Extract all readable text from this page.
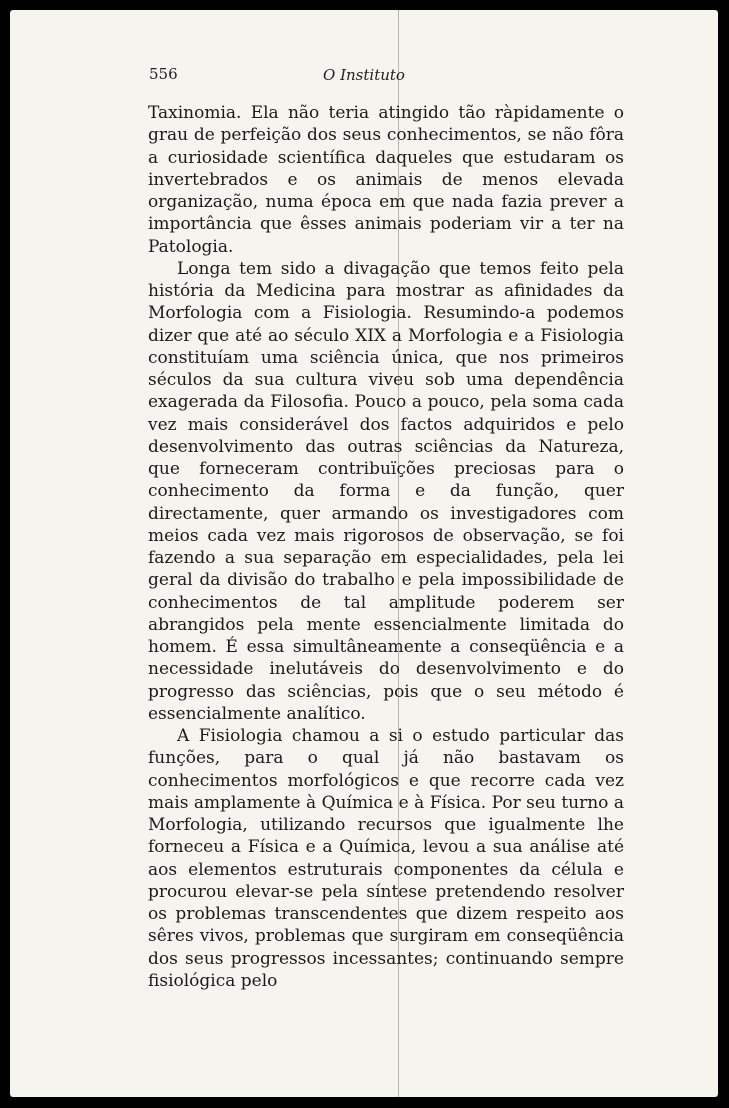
556	O Instituto

Taxinomia. Ela não teria atingido tão ràpidamente o grau de perfeição dos seus conhecimentos, se não fôra a curiosidade scientífica daqueles que estudaram os invertebrados e os animais de menos elevada organização, numa época em que nada fazia prever a importância que êsses animais poderiam vir a ter na Patologia.

Longa tem sido a divagação que temos feito pela história da Medicina para mostrar as afinidades da Morfologia com a Fisiologia. Resumindo-a podemos dizer que até ao século XIX a Morfologia e a Fisiologia constituíam uma sciência única, que nos primeiros séculos da sua cultura viveu sob uma dependência exagerada da Filosofia. Pouco a pouco, pela soma cada vez mais considerável dos factos adquiridos e pelo desenvolvimento das outras sciências da Natureza, que forneceram contribuïções preciosas para o conhecimento da forma e da função, quer directamente, quer armando os investigadores com meios cada vez mais rigorosos de observação, se foi fazendo a sua separação em especialidades, pela lei geral da divisão do trabalho e pela impossibilidade de conhecimentos de tal amplitude poderem ser abrangidos pela mente essencialmente limitada do homem. É essa simultâneamente a conseqüência e a necessidade inelutáveis do desenvolvimento e do progresso das sciências, pois que o seu método é essencialmente analítico.

A Fisiologia chamou a si o estudo particular das funções, para o qual já não bastavam os conhecimentos morfológicos e que recorre cada vez mais amplamente à Química e à Física. Por seu turno a Morfologia, utilizando recursos que igualmente lhe forneceu a Física e a Química, levou a sua análise até aos elementos estruturais componentes da célula e procurou elevar-se pela síntese pretendendo resolver os problemas transcendentes que dizem respeito aos sêres vivos, problemas que surgiram em conseqüência dos seus progressos incessantes; continuando sempre fisiológica pelo
